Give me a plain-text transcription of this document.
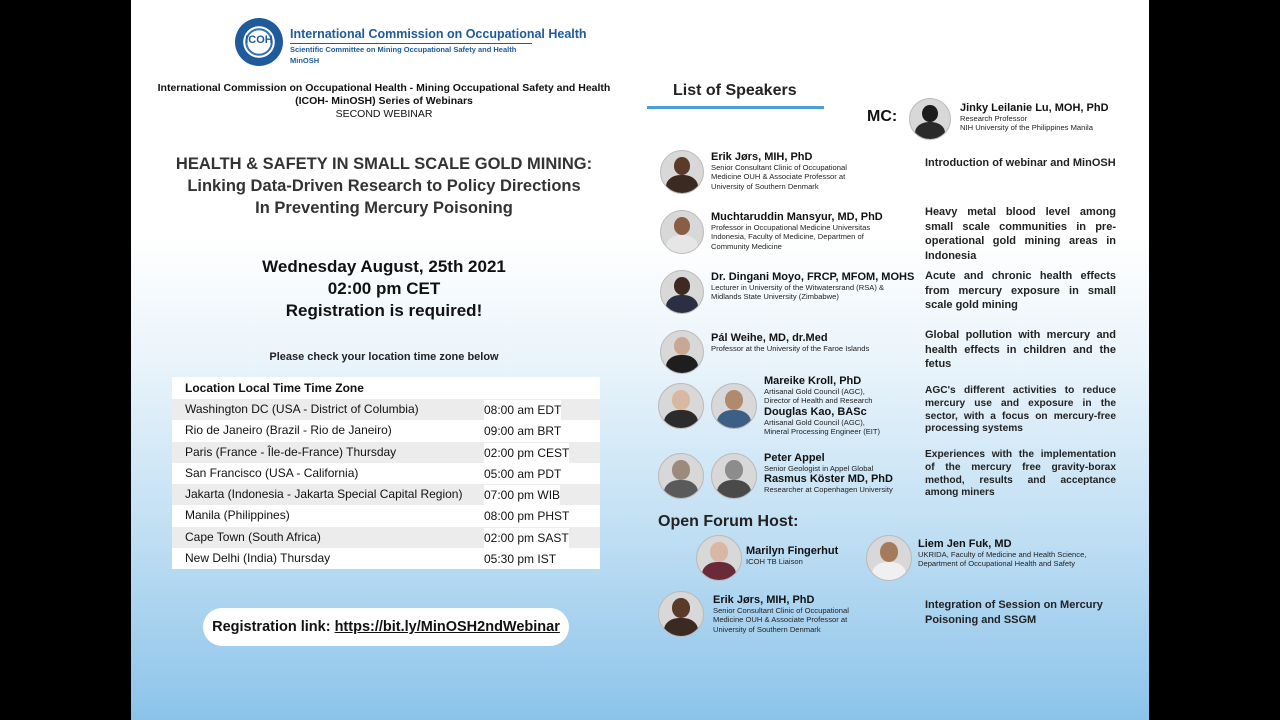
ICOH	International Commission on Occupational Health
Scientific Committee on Mining Occupational Safety and Health
MinOSH
International Commission on Occupational Health - Mining Occupational Safety and Health
(ICOH- MinOSH) Series of Webinars
SECOND WEBINAR
HEALTH & SAFETY IN SMALL SCALE GOLD MINING:
Linking Data-Driven Research to Policy Directions
In Preventing Mercury Poisoning
Wednesday August, 25th 2021
02:00 pm CET
Registration is required!
Please check your location time zone below
Location Local Time Time Zone
Washington DC (USA - District of Columbia)	08:00 am EDT
Rio de Janeiro (Brazil - Rio de Janeiro)	09:00 am BRT
Paris (France - Île-de-France) Thursday	02:00 pm CEST
San Francisco (USA - California)	05:00 am PDT
Jakarta (Indonesia - Jakarta Special Capital Region) 07:00 pm WIB
Manila (Philippines)	08:00 pm PHST
Cape Town (South Africa)	02:00 pm SAST
New Delhi (India) Thursday	05:30 pm IST
Registration link: https://bit.ly/MinOSH2ndWebinar
List of Speakers
MC:	Jinky Leilanie Lu, MOH, PhD
Research Professor
NIH University of the Philippines Manila
Erik Jørs, MIH, PhD
Senior Consultant Clinic of Occupational
Medicine OUH & Associate Professor at
University of Southern Denmark
Introduction of webinar and MinOSH
Muchtaruddin Mansyur, MD, PhD
Professor in Occupational Medicine Universitas
Indonesia, Faculty of Medicine, Departmen of
Community Medicine
Heavy metal blood level among small scale communities in pre-operational gold mining areas in Indonesia
Dr. Dingani Moyo, FRCP, MFOM, MOHS
Lecturer in University of the Witwatersrand (RSA) &
Midlands State University (Zimbabwe)
Acute and chronic health effects from mercury exposure in small scale gold mining
Pál Weihe, MD, dr.Med
Professor at the University of the Faroe Islands
Global pollution with mercury and health effects in children and the fetus
Mareike Kroll, PhD
Artisanal Gold Council (AGC),
Director of Health and Research
Douglas Kao, BASc
Artisanal Gold Council (AGC),
Mineral Processing Engineer (EIT)
AGC's different activities to reduce mercury use and exposure in the sector, with a focus on mercury-free processing systems
Peter Appel
Senior Geologist in Appel Global
Rasmus Köster MD, PhD
Researcher at Copenhagen University
Experiences with the implementation of the mercury free gravity-borax method, results and acceptance among miners
Open Forum Host:
Marilyn Fingerhut
ICOH TB Liaison
Liem Jen Fuk, MD
UKRIDA, Faculty of Medicine and Health Science,
Department of Occupational Health and Safety
Erik Jørs, MIH, PhD
Senior Consultant Clinic of Occupational
Medicine OUH & Associate Professor at
University of Southern Denmark
Integration of Session on Mercury Poisoning and SSGM
